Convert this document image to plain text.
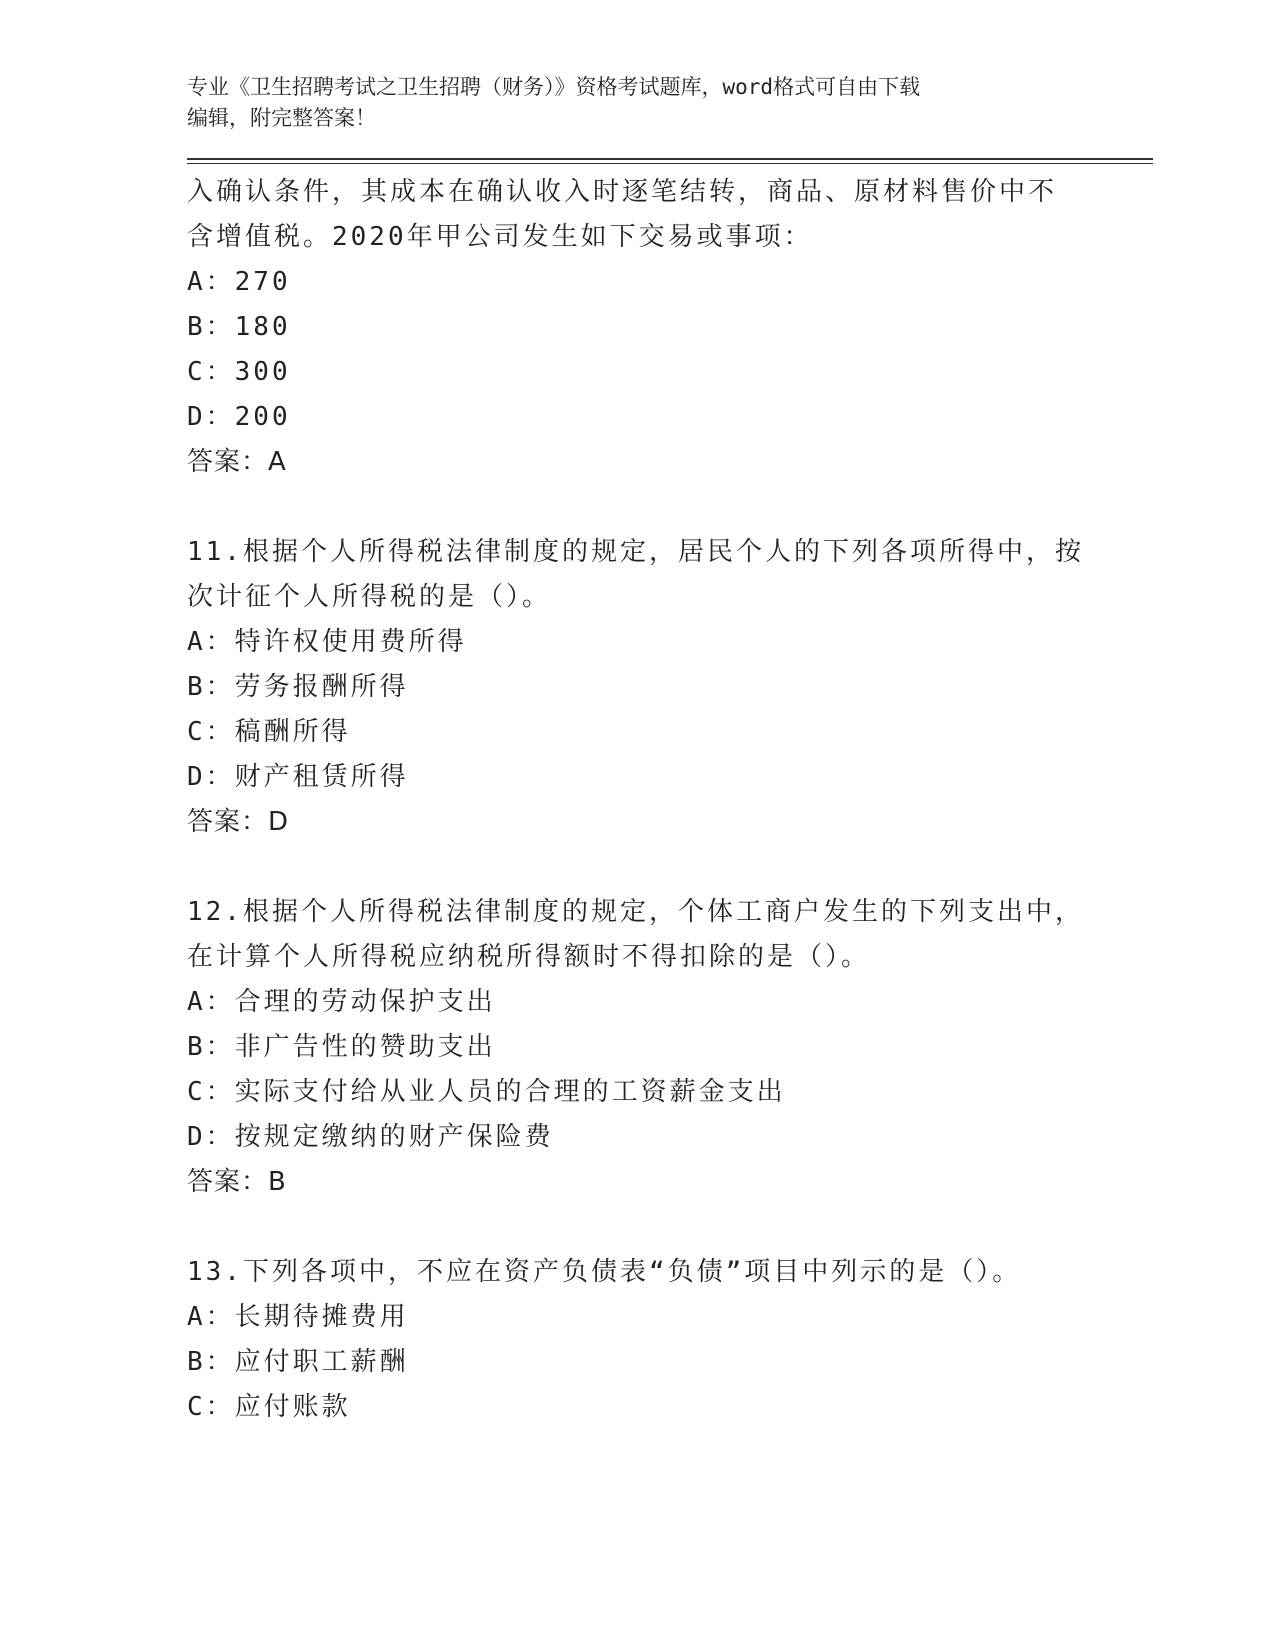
专业《卫生招聘考试之卫生招聘（财务）》资格考试题库，word格式可自由下载
编辑，附完整答案！
入确认条件，其成本在确认收入时逐笔结转，商品、原材料售价中不
含增值税。2020年甲公司发生如下交易或事项：
A：270
B：180
C：300
D：200
答案：A
11.根据个人所得税法律制度的规定，居民个人的下列各项所得中，按
次计征个人所得税的是（）。
A：特许权使用费所得
B：劳务报酬所得
C：稿酬所得
D：财产租赁所得
答案：D
12.根据个人所得税法律制度的规定，个体工商户发生的下列支出中，
在计算个人所得税应纳税所得额时不得扣除的是（）。
A：合理的劳动保护支出
B：非广告性的赞助支出
C：实际支付给从业人员的合理的工资薪金支出
D：按规定缴纳的财产保险费
答案：B
13.下列各项中，不应在资产负债表“负债”项目中列示的是（）。
A：长期待摊费用
B：应付职工薪酬
C：应付账款
